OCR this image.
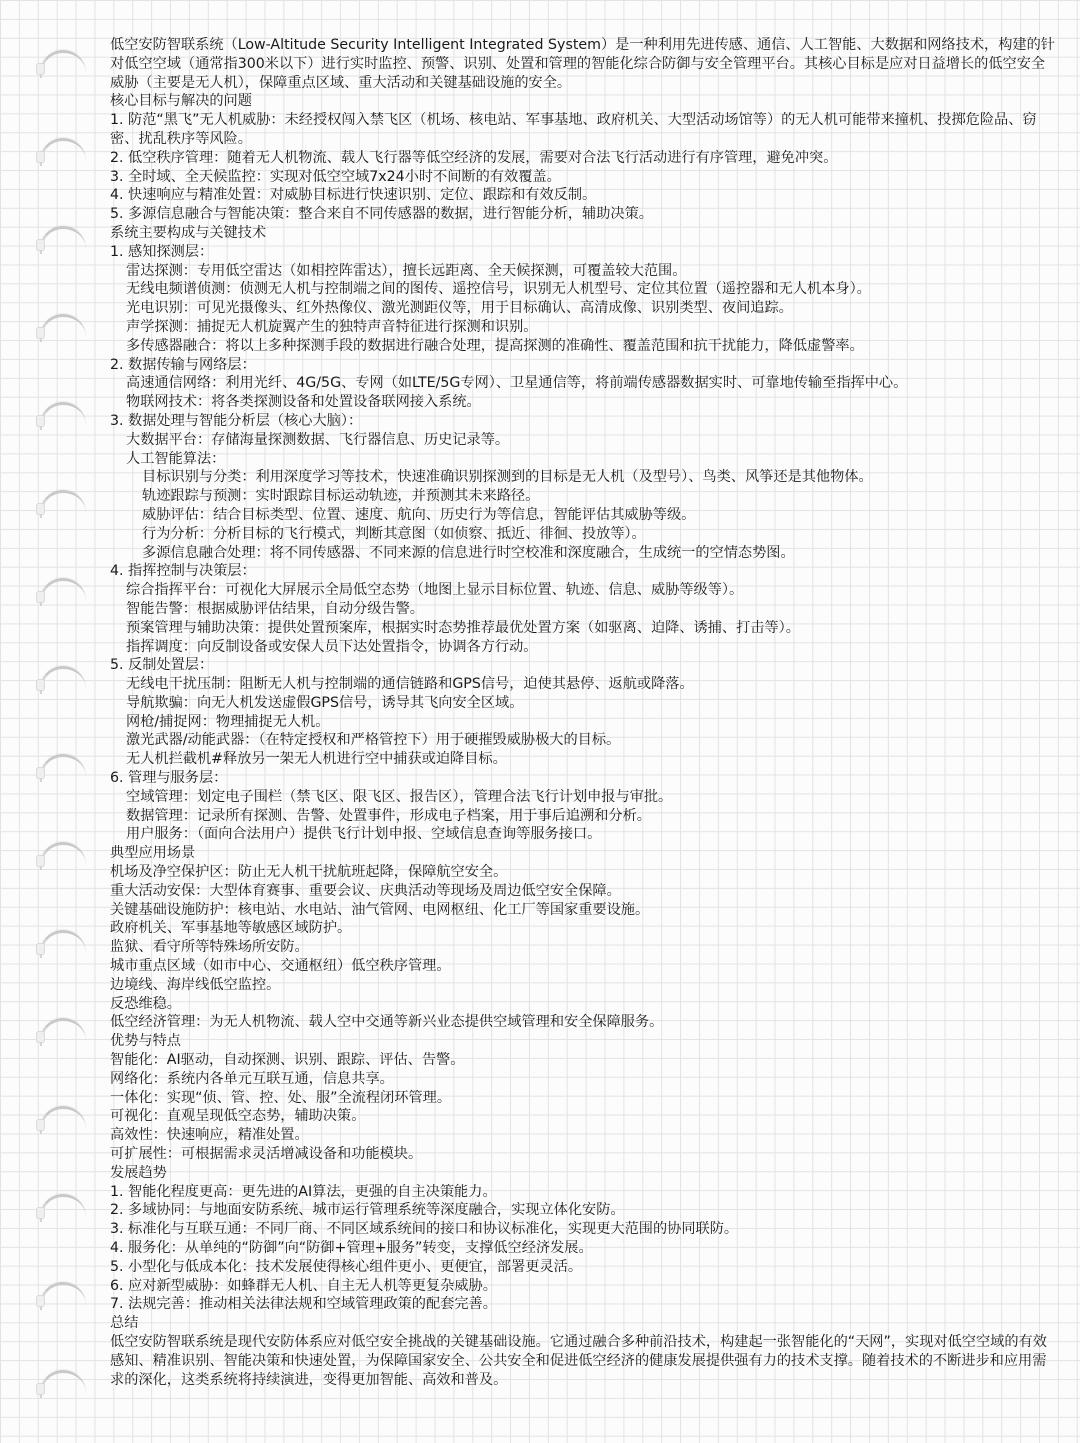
低空安防智联系统（Low-Altitude Security Intelligent Integrated System）是一种利用先进传感、通信、人工智能、大数据和网络技术，构建的针对低空空域（通常指300米以下）进行实时监控、预警、识别、处置和管理的智能化综合防御与安全管理平台。其核心目标是应对日益增长的低空安全威胁（主要是无人机），保障重点区域、重大活动和关键基础设施的安全。
核心目标与解决的问题
1. 防范“黑飞”无人机威胁：未经授权闯入禁飞区（机场、核电站、军事基地、政府机关、大型活动场馆等）的无人机可能带来撞机、投掷危险品、窃密、扰乱秩序等风险。
2. 低空秩序管理：随着无人机物流、载人飞行器等低空经济的发展，需要对合法飞行活动进行有序管理，避免冲突。
3. 全时域、全天候监控：实现对低空空域7x24小时不间断的有效覆盖。
4. 快速响应与精准处置：对威胁目标进行快速识别、定位、跟踪和有效反制。
5. 多源信息融合与智能决策：整合来自不同传感器的数据，进行智能分析，辅助决策。
系统主要构成与关键技术
1. 感知探测层：
雷达探测：专用低空雷达（如相控阵雷达），擅长远距离、全天候探测，可覆盖较大范围。
无线电频谱侦测：侦测无人机与控制端之间的图传、遥控信号，识别无人机型号、定位其位置（遥控器和无人机本身）。
光电识别：可见光摄像头、红外热像仪、激光测距仪等，用于目标确认、高清成像、识别类型、夜间追踪。
声学探测：捕捉无人机旋翼产生的独特声音特征进行探测和识别。
多传感器融合：将以上多种探测手段的数据进行融合处理，提高探测的准确性、覆盖范围和抗干扰能力，降低虚警率。
2. 数据传输与网络层：
高速通信网络：利用光纤、4G/5G、专网（如LTE/5G专网）、卫星通信等，将前端传感器数据实时、可靠地传输至指挥中心。
物联网技术：将各类探测设备和处置设备联网接入系统。
3. 数据处理与智能分析层（核心大脑）：
大数据平台：存储海量探测数据、飞行器信息、历史记录等。
人工智能算法：
目标识别与分类：利用深度学习等技术，快速准确识别探测到的目标是无人机（及型号）、鸟类、风筝还是其他物体。
轨迹跟踪与预测：实时跟踪目标运动轨迹，并预测其未来路径。
威胁评估：结合目标类型、位置、速度、航向、历史行为等信息，智能评估其威胁等级。
行为分析：分析目标的飞行模式，判断其意图（如侦察、抵近、徘徊、投放等）。
多源信息融合处理：将不同传感器、不同来源的信息进行时空校准和深度融合，生成统一的空情态势图。
4. 指挥控制与决策层：
综合指挥平台：可视化大屏展示全局低空态势（地图上显示目标位置、轨迹、信息、威胁等级等）。
智能告警：根据威胁评估结果，自动分级告警。
预案管理与辅助决策：提供处置预案库，根据实时态势推荐最优处置方案（如驱离、迫降、诱捕、打击等）。
指挥调度：向反制设备或安保人员下达处置指令，协调各方行动。
5. 反制处置层：
无线电干扰压制：阻断无人机与控制端的通信链路和GPS信号，迫使其悬停、返航或降落。
导航欺骗：向无人机发送虚假GPS信号，诱导其飞向安全区域。
网枪/捕捉网：物理捕捉无人机。
激光武器/动能武器：（在特定授权和严格管控下）用于硬摧毁威胁极大的目标。
无人机拦截机#释放另一架无人机进行空中捕获或迫降目标。
6. 管理与服务层：
空域管理：划定电子围栏（禁飞区、限飞区、报告区），管理合法飞行计划申报与审批。
数据管理：记录所有探测、告警、处置事件，形成电子档案，用于事后追溯和分析。
用户服务：（面向合法用户）提供飞行计划申报、空域信息查询等服务接口。
典型应用场景
机场及净空保护区：防止无人机干扰航班起降，保障航空安全。
重大活动安保：大型体育赛事、重要会议、庆典活动等现场及周边低空安全保障。
关键基础设施防护：核电站、水电站、油气管网、电网枢纽、化工厂等国家重要设施。
政府机关、军事基地等敏感区域防护。
监狱、看守所等特殊场所安防。
城市重点区域（如市中心、交通枢纽）低空秩序管理。
边境线、海岸线低空监控。
反恐维稳。
低空经济管理：为无人机物流、载人空中交通等新兴业态提供空域管理和安全保障服务。
优势与特点
智能化：AI驱动，自动探测、识别、跟踪、评估、告警。
网络化：系统内各单元互联互通，信息共享。
一体化：实现“侦、管、控、处、服”全流程闭环管理。
可视化：直观呈现低空态势，辅助决策。
高效性：快速响应，精准处置。
可扩展性：可根据需求灵活增减设备和功能模块。
发展趋势
1. 智能化程度更高：更先进的AI算法，更强的自主决策能力。
2. 多域协同：与地面安防系统、城市运行管理系统等深度融合，实现立体化安防。
3. 标准化与互联互通：不同厂商、不同区域系统间的接口和协议标准化，实现更大范围的协同联防。
4. 服务化：从单纯的“防御”向“防御+管理+服务”转变，支撑低空经济发展。
5. 小型化与低成本化：技术发展使得核心组件更小、更便宜，部署更灵活。
6. 应对新型威胁：如蜂群无人机、自主无人机等更复杂威胁。
7. 法规完善：推动相关法律法规和空域管理政策的配套完善。
总结
低空安防智联系统是现代安防体系应对低空安全挑战的关键基础设施。它通过融合多种前沿技术，构建起一张智能化的“天网”，实现对低空空域的有效感知、精准识别、智能决策和快速处置，为保障国家安全、公共安全和促进低空经济的健康发展提供强有力的技术支撑。随着技术的不断进步和应用需求的深化，这类系统将持续演进，变得更加智能、高效和普及。
